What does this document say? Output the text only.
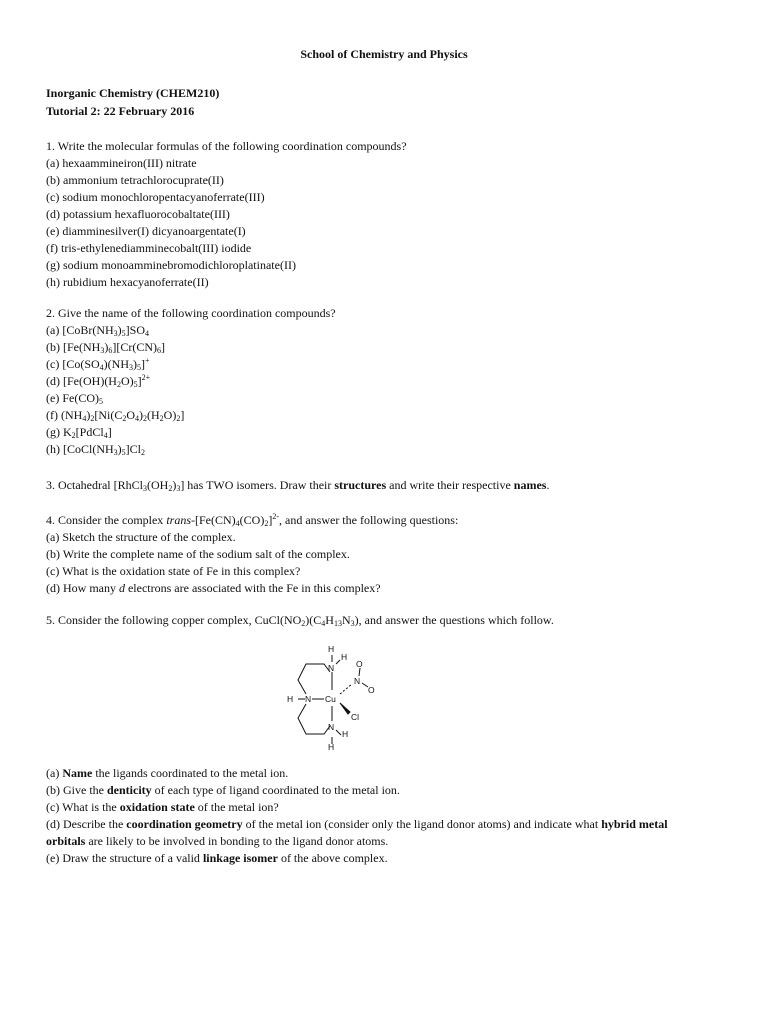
School of Chemistry and Physics
Inorganic Chemistry (CHEM210)
Tutorial 2: 22 February 2016
1. Write the molecular formulas of the following coordination compounds?
(a) hexaammineiron(III) nitrate
(b) ammonium tetrachlorocuprate(II)
(c) sodium monochloropentacyanoferrate(III)
(d) potassium hexafluorocobaltate(III)
(e) diamminesilver(I) dicyanoargentate(I)
(f) tris-ethylenediamminecobalt(III) iodide
(g) sodium monoamminebromodichloroplatinate(II)
(h) rubidium hexacyanoferrate(II)
2. Give the name of the following coordination compounds?
(a) $[CoBr(NH_3)_5]SO_4$
(b) $[Fe(NH_3)_6][Cr(CN)_6]$
(c) $[Co(SO_4)(NH_3)_5]^+$
(d) $[Fe(OH)(H_2O)_5]^{2+}$
(e) $Fe(CO)_5$
(f) $(NH_4)_2[Ni(C_2O_4)_2(H_2O)_2]$
(g) $K_2[PdCl_4]$
(h) $[CoCl(NH_3)_5]Cl_2$
3. Octahedral $[RhCl_3(OH_2)_3]$ has TWO isomers. Draw their structures and write their respective names.
4. Consider the complex trans-$[Fe(CN)_4(CO)_2]^{2-}$, and answer the following questions:
(a) Sketch the structure of the complex.
(b) Write the complete name of the sodium salt of the complex.
(c) What is the oxidation state of Fe in this complex?
(d) How many d electrons are associated with the Fe in this complex?
5. Consider the following copper complex, $CuCl(NO_2)(C_4H_{13}N_3)$, and answer the questions which follow.
H
H
N	O
N
O
H N Cu
Cl
N
H
H
(a) Name the ligands coordinated to the metal ion.
(b) Give the denticity of each type of ligand coordinated to the metal ion.
(c) What is the oxidation state of the metal ion?
(d) Describe the coordination geometry of the metal ion (consider only the ligand donor atoms) and indicate what hybrid metal
orbitals are likely to be involved in bonding to the ligand donor atoms.
(e) Draw the structure of a valid linkage isomer of the above complex.
